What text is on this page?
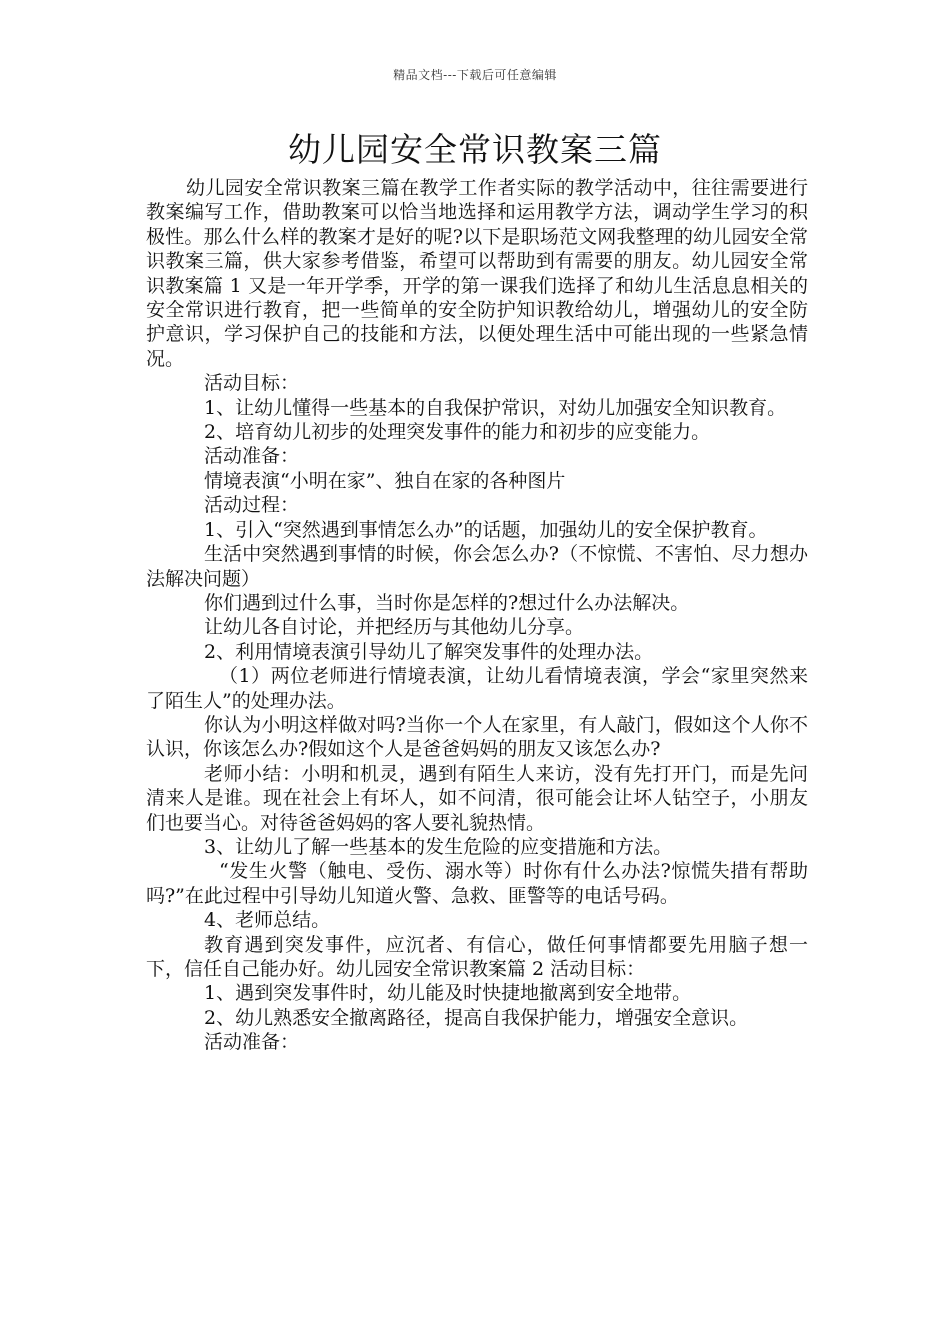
精品文档---下载后可任意编辑
幼儿园安全常识教案三篇

幼儿园安全常识教案三篇在教学工作者实际的教学活动中，往往需要进行教案编写工作，借助教案可以恰当地选择和运用教学方法，调动学生学习的积极性。那么什么样的教案才是好的呢?以下是职场范文网我整理的幼儿园安全常识教案三篇，供大家参考借鉴，希望可以帮助到有需要的朋友。幼儿园安全常识教案篇 1 又是一年开学季，开学的第一课我们选择了和幼儿生活息息相关的安全常识进行教育，把一些简单的安全防护知识教给幼儿，增强幼儿的安全防护意识，学习保护自己的技能和方法，以便处理生活中可能出现的一些紧急情况。

活动目标：

1、让幼儿懂得一些基本的自我保护常识，对幼儿加强安全知识教育。

2、培育幼儿初步的处理突发事件的能力和初步的应变能力。

活动准备：

情境表演“小明在家”、独自在家的各种图片

活动过程：

1、引入“突然遇到事情怎么办”的话题，加强幼儿的安全保护教育。

生活中突然遇到事情的时候，你会怎么办?（不惊慌、不害怕、尽力想办法解决问题）

你们遇到过什么事，当时你是怎样的?想过什么办法解决。

让幼儿各自讨论，并把经历与其他幼儿分享。

2、利用情境表演引导幼儿了解突发事件的处理办法。

（1）两位老师进行情境表演，让幼儿看情境表演，学会“家里突然来了陌生人”的处理办法。

你认为小明这样做对吗?当你一个人在家里，有人敲门，假如这个人你不认识，你该怎么办?假如这个人是爸爸妈妈的朋友又该怎么办?

老师小结：小明和机灵，遇到有陌生人来访，没有先打开门，而是先问清来人是谁。现在社会上有坏人，如不问清，很可能会让坏人钻空子，小朋友们也要当心。对待爸爸妈妈的客人要礼貌热情。

3、让幼儿了解一些基本的发生危险的应变措施和方法。

“发生火警（触电、受伤、溺水等）时你有什么办法?惊慌失措有帮助吗?”在此过程中引导幼儿知道火警、急救、匪警等的电话号码。

4、老师总结。

教育遇到突发事件，应沉者、有信心，做任何事情都要先用脑子想一下，信任自己能办好。幼儿园安全常识教案篇 2 活动目标：

1、遇到突发事件时，幼儿能及时快捷地撤离到安全地带。

2、幼儿熟悉安全撤离路径，提高自我保护能力，增强安全意识。

活动准备：
